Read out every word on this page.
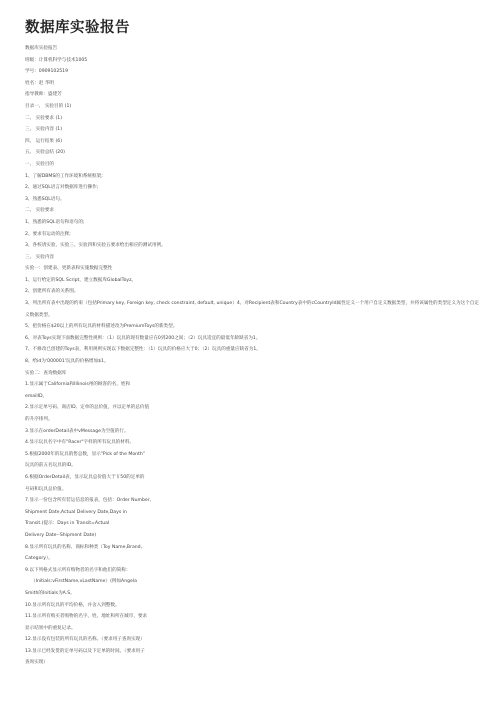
数据库实验报告
数据库实验报告
班级：计算机科学与技术1005
学号：0909102519
姓名：赵 华明
指导教师：盛建芳
目录一、 实验目的 (1)
二、 实验要求 (1)
三、 实验内容 (1)
四、 运行结果 (6)
五、 实验总结 (20)
一、 实验目的
1、了解DBMS的工作环境和系统框架;
2、通过SQL语言对数据库进行操作;
3、熟悉SQL语句。
二、 实验要求
1、熟悉的SQL语句和语句的;
2、要求有运动的注释;
3、各校请实验、实验三、实验四和实验五要求给出相应的测试用例。
三、 实验内容
实验一：创建表、更新表和实施数据完整性
1、运行给定的SQL Script，建立数据库GlobalToyz。
2、创建所有表的关系图。
3、列出所有表中出现的约束（包括Primary key, Foreign key, check constraint, default, unique）4、对Recipient表和Country表中的cCountryId属性定义一个用户自定义数据类型，并将该属性的类型定义为这个自定
义数据类型。
5、把价格在$20以上的所有玩具的材料描述改为PremiumToys的新类型。
6、对表Toys实现下面数据完整性规则：（1）玩具的现有数量应在0到200之间；（2）玩具适宜的最低年龄缺省为1。
7、不修改已创建的Toys表，利用规则实现以下数据完整性：（1）玩具的价格应大于0；（2）玩具的重量应缺省为1。
8、给id为'000001'玩具的价格增加$1。
实验二：查询数据库
1.显示属于California和Illinois州的顾客的名、姓和
emailID。
2.显示定单号码、商店ID、定单的总价值，并以定单的总价值
的升序排列。
3.显示在orderDetail表中vMessage为空值的行。
4.显示玩具名字中有"Racer"字样的所有玩具的材料。
5.根据2000年的玩具销售总数，显示"Pick of the Month"
玩具的前五名玩具的ID。
6.根据OrderDetail表，显示玩具总价值大于￥50的定单的
号码和玩具总价值。
7.显示一份包含所有装运信息的报表，包括：Order Number,
Shipment Date,Actual Delivery Date,Days in
Transit.(提示：Days in Transit=Actual
Delivery Date--Shipment Date)
8.显示所有玩具的名称、商标和种类（Toy Name,Brand,
Category）。
9.以下列格式显示所有购物者的名字和他们的简称：
（Initials:vFirstName,vLastName）(例如Angela
Smith的Initials为A.S。
10.显示所有玩具的平均价格，并舍入到整数。
11.显示所有购买者购物的名字、姓、地址和所在城市，要求
显示结果中的重复记录。
12.显示没有包装的所有玩具的名称。（要求用子查询实现）
13.显示已经发货的定单号码以及下定单的时间。（要求用子
查询实现）
